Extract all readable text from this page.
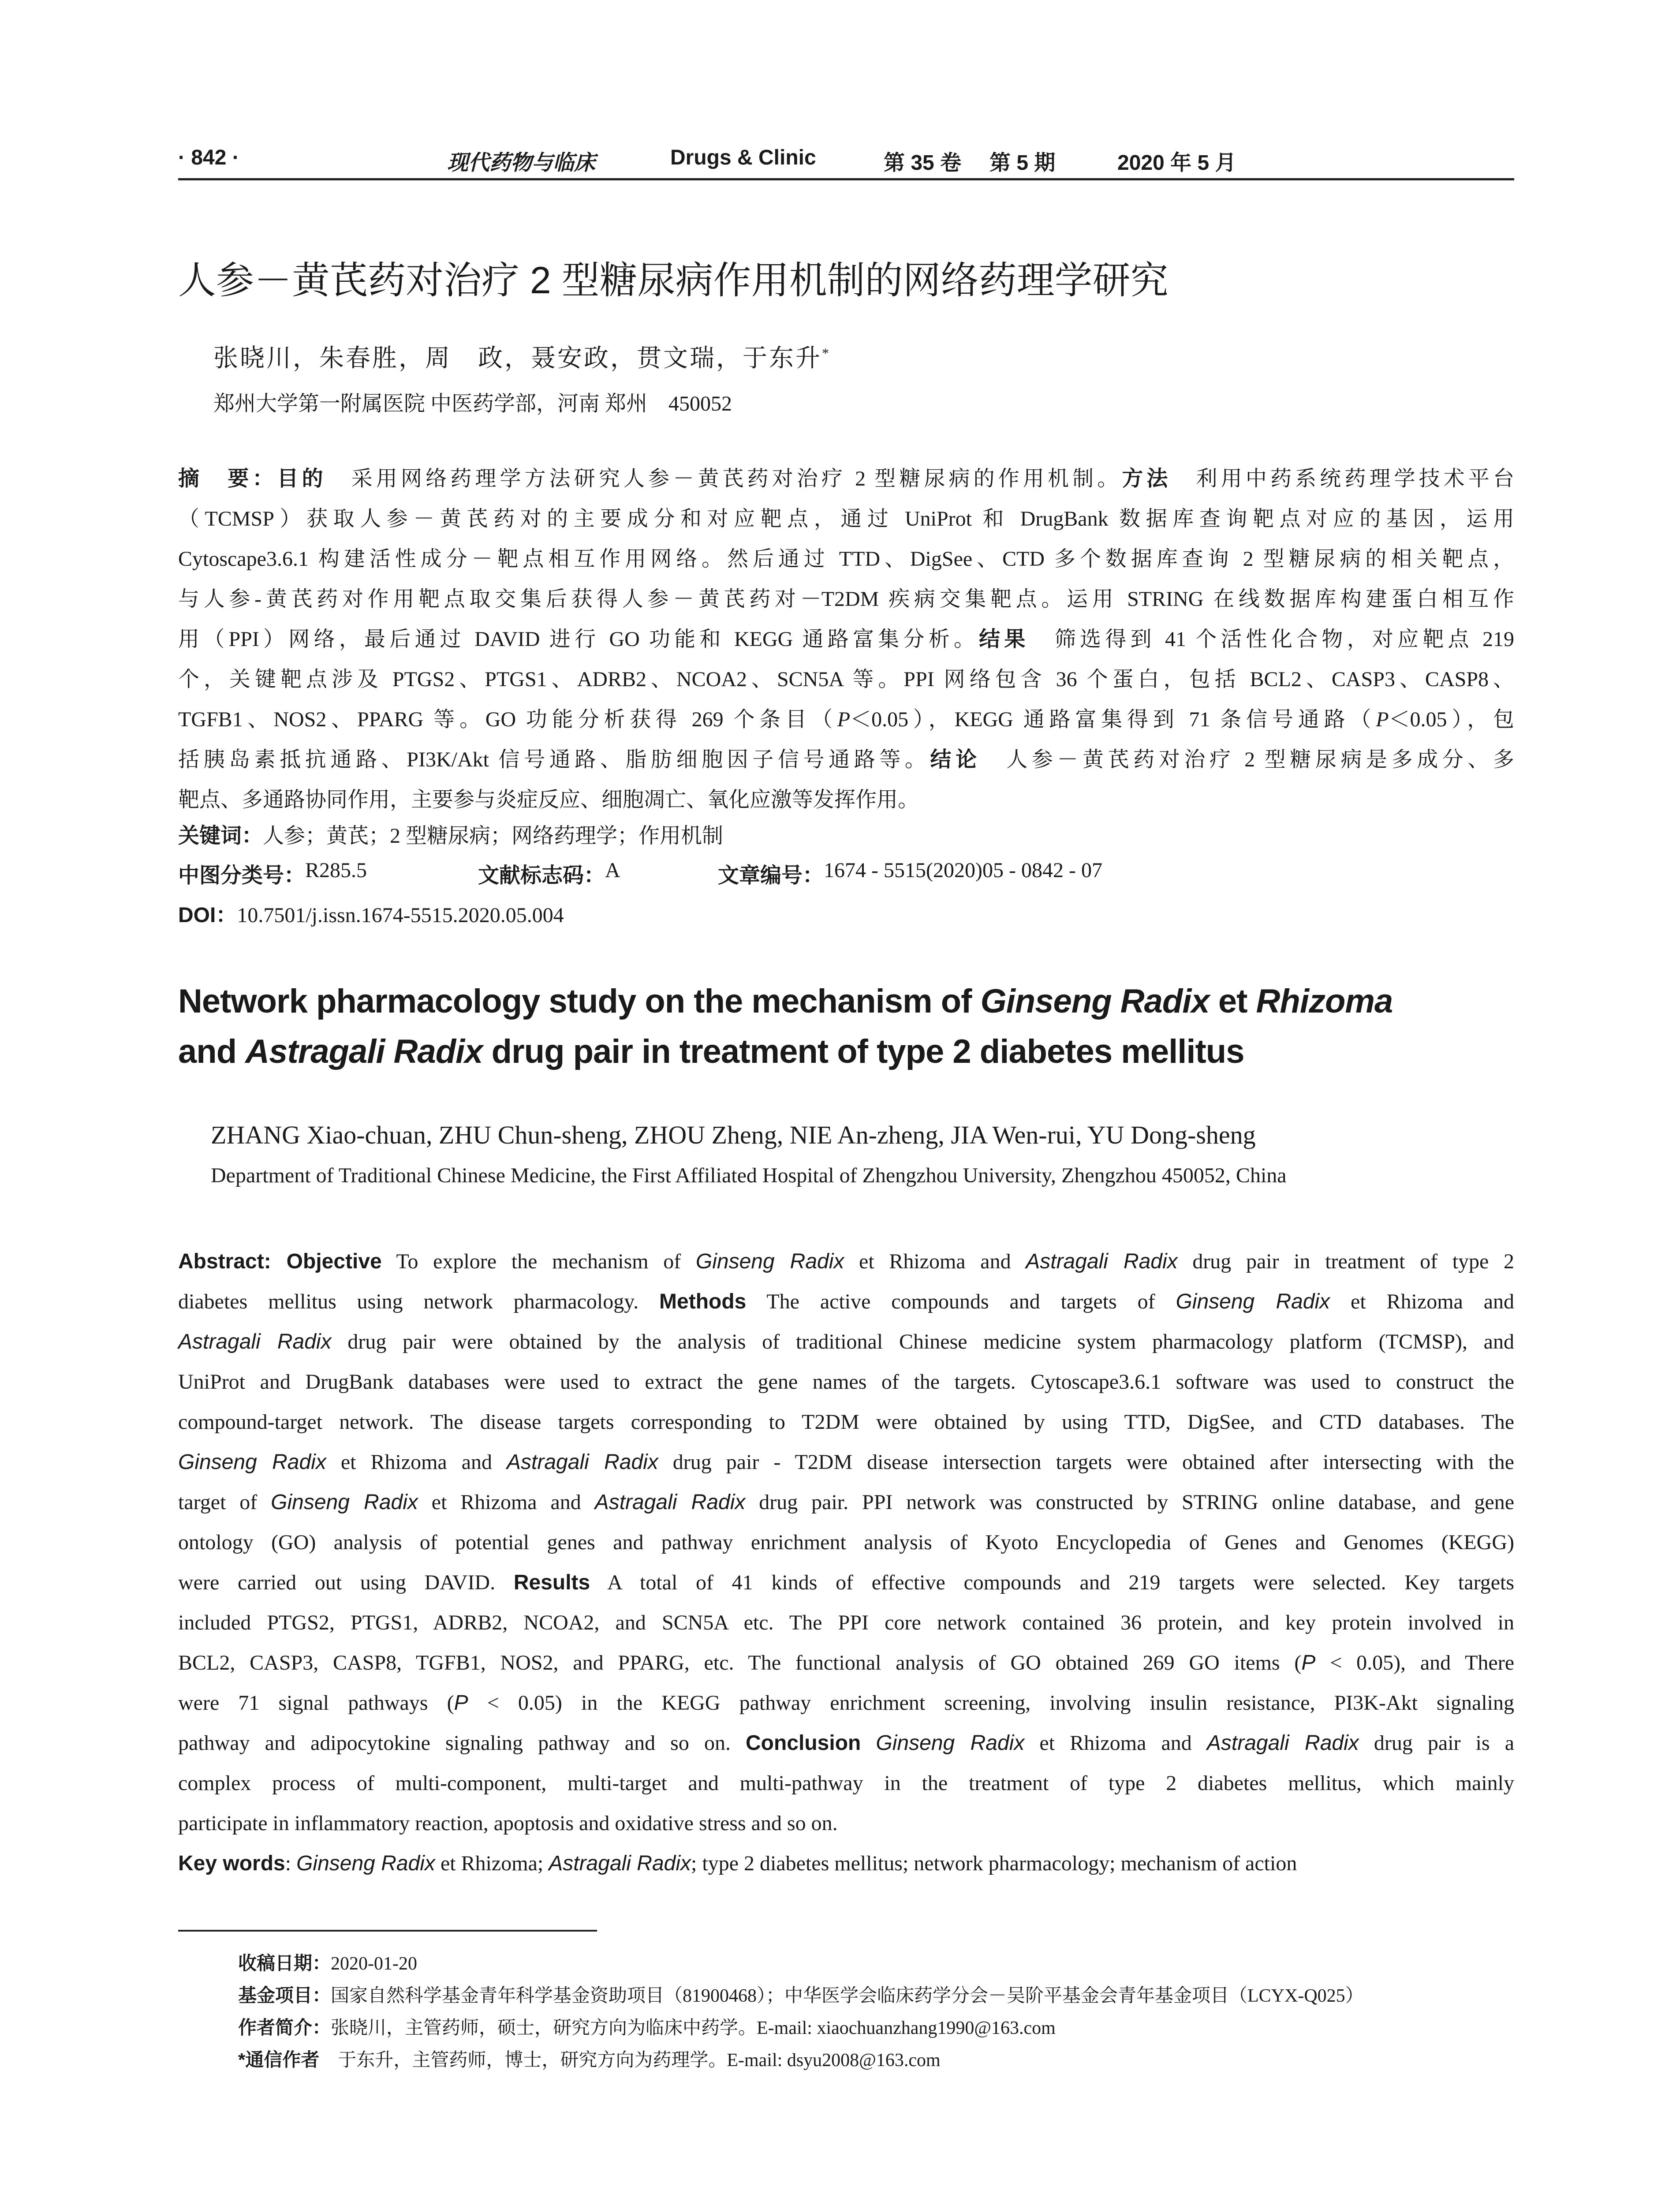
· 842 ·	现代药物与临床	Drugs & Clinic	第 35 卷 第 5 期	2020 年 5 月
人参－黄芪药对治疗 2 型糖尿病作用机制的网络药理学研究
张晓川，朱春胜，周　政，聂安政，贯文瑞，于东升*
郑州大学第一附属医院 中医药学部，河南 郑州　450052
摘　要：目的　采用网络药理学方法研究人参－黄芪药对治疗 2 型糖尿病的作用机制。方法　利用中药系统药理学技术平台
（TCMSP）获取人参－黄芪药对的主要成分和对应靶点，通过 UniProt 和 DrugBank 数据库查询靶点对应的基因，运用
Cytoscape3.6.1 构建活性成分－靶点相互作用网络。然后通过 TTD、DigSee、CTD 多个数据库查询 2 型糖尿病的相关靶点，
与人参-黄芪药对作用靶点取交集后获得人参－黄芪药对－T2DM 疾病交集靶点。运用 STRING 在线数据库构建蛋白相互作
用（PPI）网络，最后通过 DAVID 进行 GO 功能和 KEGG 通路富集分析。结果　筛选得到 41 个活性化合物，对应靶点 219
个，关键靶点涉及 PTGS2、PTGS1、ADRB2、NCOA2、SCN5A 等。PPI 网络包含 36 个蛋白，包括 BCL2、CASP3、CASP8、
TGFB1、NOS2、PPARG 等。GO 功能分析获得 269 个条目（P＜0.05），KEGG 通路富集得到 71 条信号通路（P＜0.05），包
括胰岛素抵抗通路、PI3K/Akt 信号通路、脂肪细胞因子信号通路等。结论　人参－黄芪药对治疗 2 型糖尿病是多成分、多
靶点、多通路协同作用，主要参与炎症反应、细胞凋亡、氧化应激等发挥作用。
关键词：人参；黄芪；2 型糖尿病；网络药理学；作用机制
中图分类号： R285.5	文献标志码： A	文章编号： 1674 - 5515(2020)05 - 0842 - 07
DOI：10.7501/j.issn.1674-5515.2020.05.004
Network pharmacology study on the mechanism of Ginseng Radix et Rhizoma
and Astragali Radix drug pair in treatment of type 2 diabetes mellitus
ZHANG Xiao-chuan, ZHU Chun-sheng, ZHOU Zheng, NIE An-zheng, JIA Wen-rui, YU Dong-sheng
Department of Traditional Chinese Medicine, the First Affiliated Hospital of Zhengzhou University, Zhengzhou 450052, China
Abstract: Objective To explore the mechanism of Ginseng Radix et Rhizoma and Astragali Radix drug pair in treatment of type 2
diabetes mellitus using network pharmacology. Methods The active compounds and targets of Ginseng Radix et Rhizoma and
Astragali Radix drug pair were obtained by the analysis of traditional Chinese medicine system pharmacology platform (TCMSP), and
UniProt and DrugBank databases were used to extract the gene names of the targets. Cytoscape3.6.1 software was used to construct the
compound-target network. The disease targets corresponding to T2DM were obtained by using TTD, DigSee, and CTD databases. The
Ginseng Radix et Rhizoma and Astragali Radix drug pair - T2DM disease intersection targets were obtained after intersecting with the
target of Ginseng Radix et Rhizoma and Astragali Radix drug pair. PPI network was constructed by STRING online database, and gene
ontology (GO) analysis of potential genes and pathway enrichment analysis of Kyoto Encyclopedia of Genes and Genomes (KEGG)
were carried out using DAVID. Results A total of 41 kinds of effective compounds and 219 targets were selected. Key targets
included PTGS2, PTGS1, ADRB2, NCOA2, and SCN5A etc. The PPI core network contained 36 protein, and key protein involved in
BCL2, CASP3, CASP8, TGFB1, NOS2, and PPARG, etc. The functional analysis of GO obtained 269 GO items (P < 0.05), and There
were 71 signal pathways (P < 0.05) in the KEGG pathway enrichment screening, involving insulin resistance, PI3K-Akt signaling
pathway and adipocytokine signaling pathway and so on. Conclusion Ginseng Radix et Rhizoma and Astragali Radix drug pair is a
complex process of multi-component, multi-target and multi-pathway in the treatment of type 2 diabetes mellitus, which mainly
participate in inflammatory reaction, apoptosis and oxidative stress and so on.
Key words: Ginseng Radix et Rhizoma; Astragali Radix; type 2 diabetes mellitus; network pharmacology; mechanism of action
收稿日期：2020-01-20
基金项目：国家自然科学基金青年科学基金资助项目（81900468）；中华医学会临床药学分会－吴阶平基金会青年基金项目（LCYX-Q025）
作者简介：张晓川，主管药师，硕士，研究方向为临床中药学。E-mail: xiaochuanzhang1990@163.com
*通信作者　于东升，主管药师，博士，研究方向为药理学。E-mail: dsyu2008@163.com
